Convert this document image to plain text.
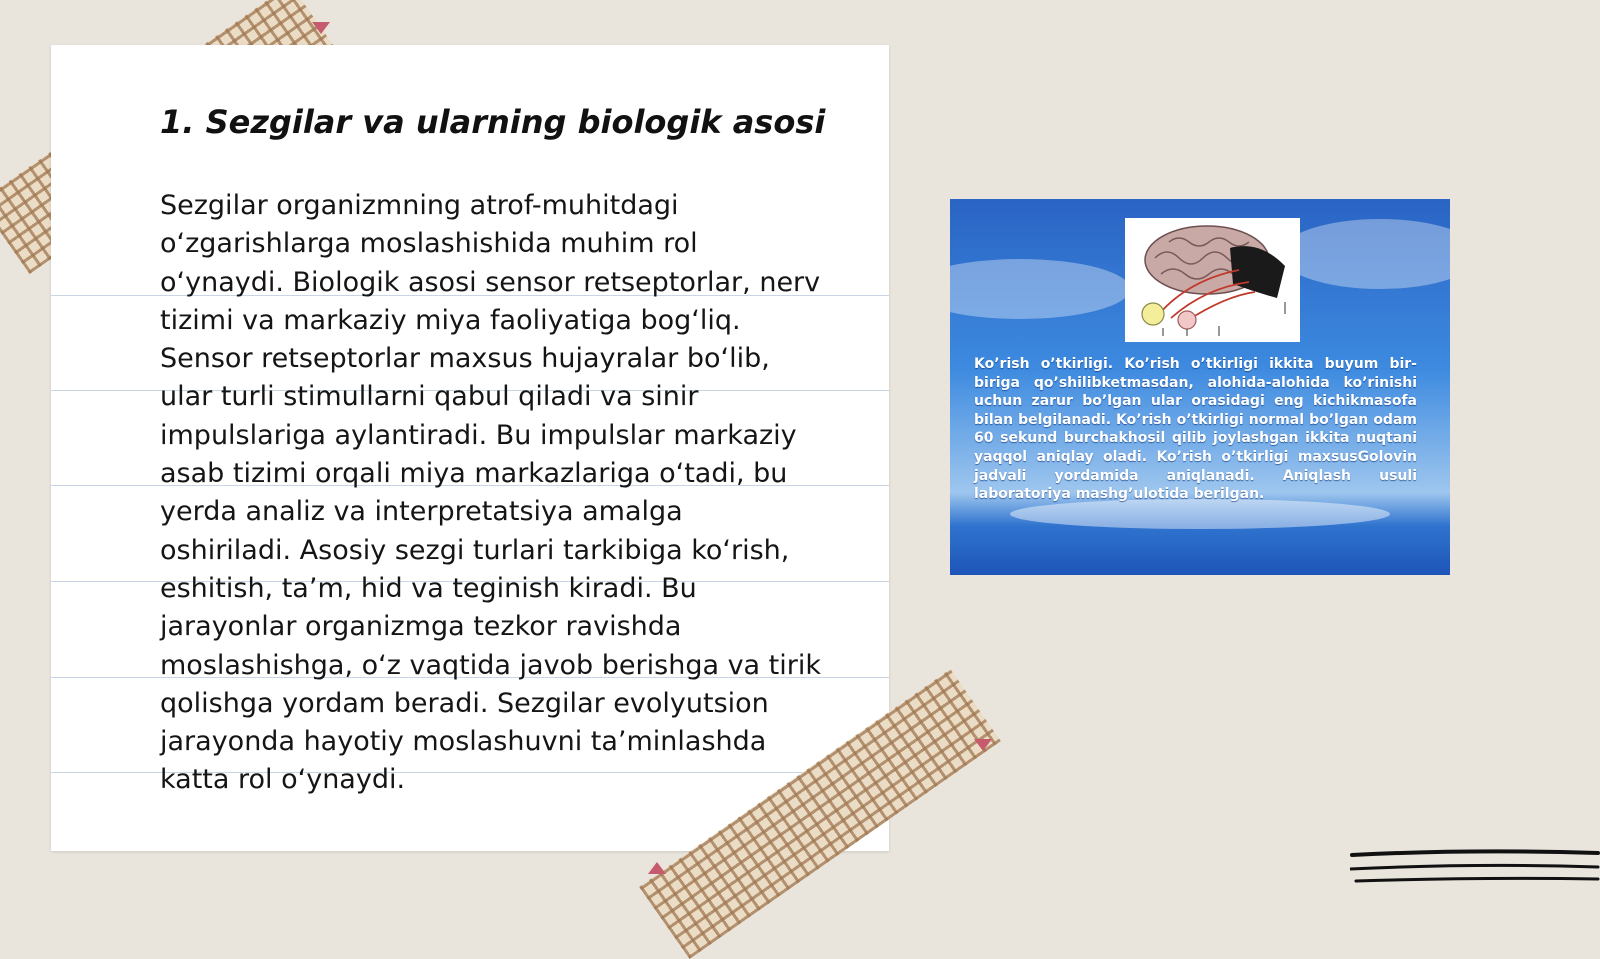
1. Sezgilar va ularning biologik asosi

Sezgilar organizmning atrof-muhitdagi o‘zgarishlarga moslashishida muhim rol o‘ynaydi. Biologik asosi sensor retseptorlar, nerv tizimi va markaziy miya faoliyatiga bog‘liq. Sensor retseptorlar maxsus hujayralar bo‘lib, ular turli stimullarni qabul qiladi va sinir impulslariga aylantiradi. Bu impulslar markaziy asab tizimi orqali miya markazlariga o‘tadi, bu yerda analiz va interpretatsiya amalga oshiriladi. Asosiy sezgi turlari tarkibiga ko‘rish, eshitish, ta’m, hid va teginish kiradi. Bu jarayonlar organizmga tezkor ravishda moslashishga, o‘z vaqtida javob berishga va tirik qolishga yordam beradi. Sezgilar evolyutsion jarayonda hayotiy moslashuvni ta’minlashda katta rol o‘ynaydi.

Ko’rish o’tkirligi. Ko’rish o’tkirligi ikkita buyum bir-biriga qo’shilibketmasdan, alohida-alohida ko’rinishi uchun zarur bo’lgan ular orasidagi eng kichikmasofa bilan belgilanadi. Ko’rish o’tkirligi normal bo’lgan odam 60 sekund burchakhosil qilib joylashgan ikkita nuqtani yaqqol aniqlay oladi. Ko’rish o’tkirligi maxsusGolovin jadvali yordamida aniqlanadi. Aniqlash usuli laboratoriya mashg’ulotida berilgan.
